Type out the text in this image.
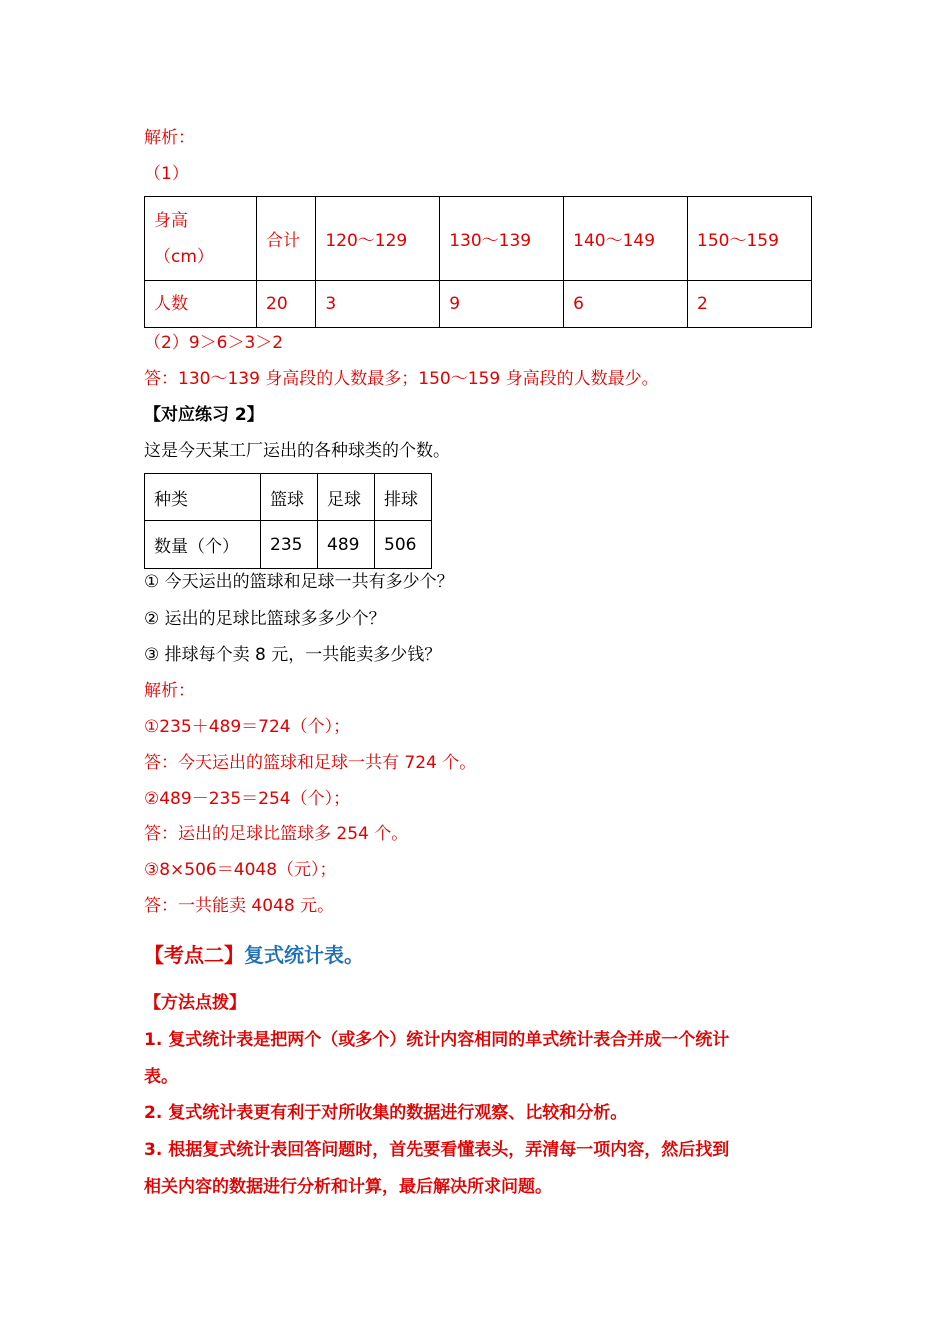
解析：
（1）
身高
（cm）	合计	120～129	130～139	140～149	150～159
人数	20	3	9	6	2
（2）9＞6＞3＞2
答：130～139 身高段的人数最多；150～159 身高段的人数最少。
【对应练习 2】
这是今天某工厂运出的各种球类的个数。
种类	篮球	足球	排球
数量（个）	235	489	506
① 今天运出的篮球和足球一共有多少个？
② 运出的足球比篮球多多少个？
③ 排球每个卖 8 元，一共能卖多少钱？
解析：
①235＋489＝724（个）；
答：今天运出的篮球和足球一共有 724 个。
②489－235＝254（个）；
答：运出的足球比篮球多 254 个。
③8×506＝4048（元）；
答：一共能卖 4048 元。
【考点二】复式统计表。
【方法点拨】
1. 复式统计表是把两个（或多个）统计内容相同的单式统计表合并成一个统计
表。
2. 复式统计表更有利于对所收集的数据进行观察、比较和分析。
3. 根据复式统计表回答问题时，首先要看懂表头，弄清每一项内容，然后找到
相关内容的数据进行分析和计算，最后解决所求问题。
